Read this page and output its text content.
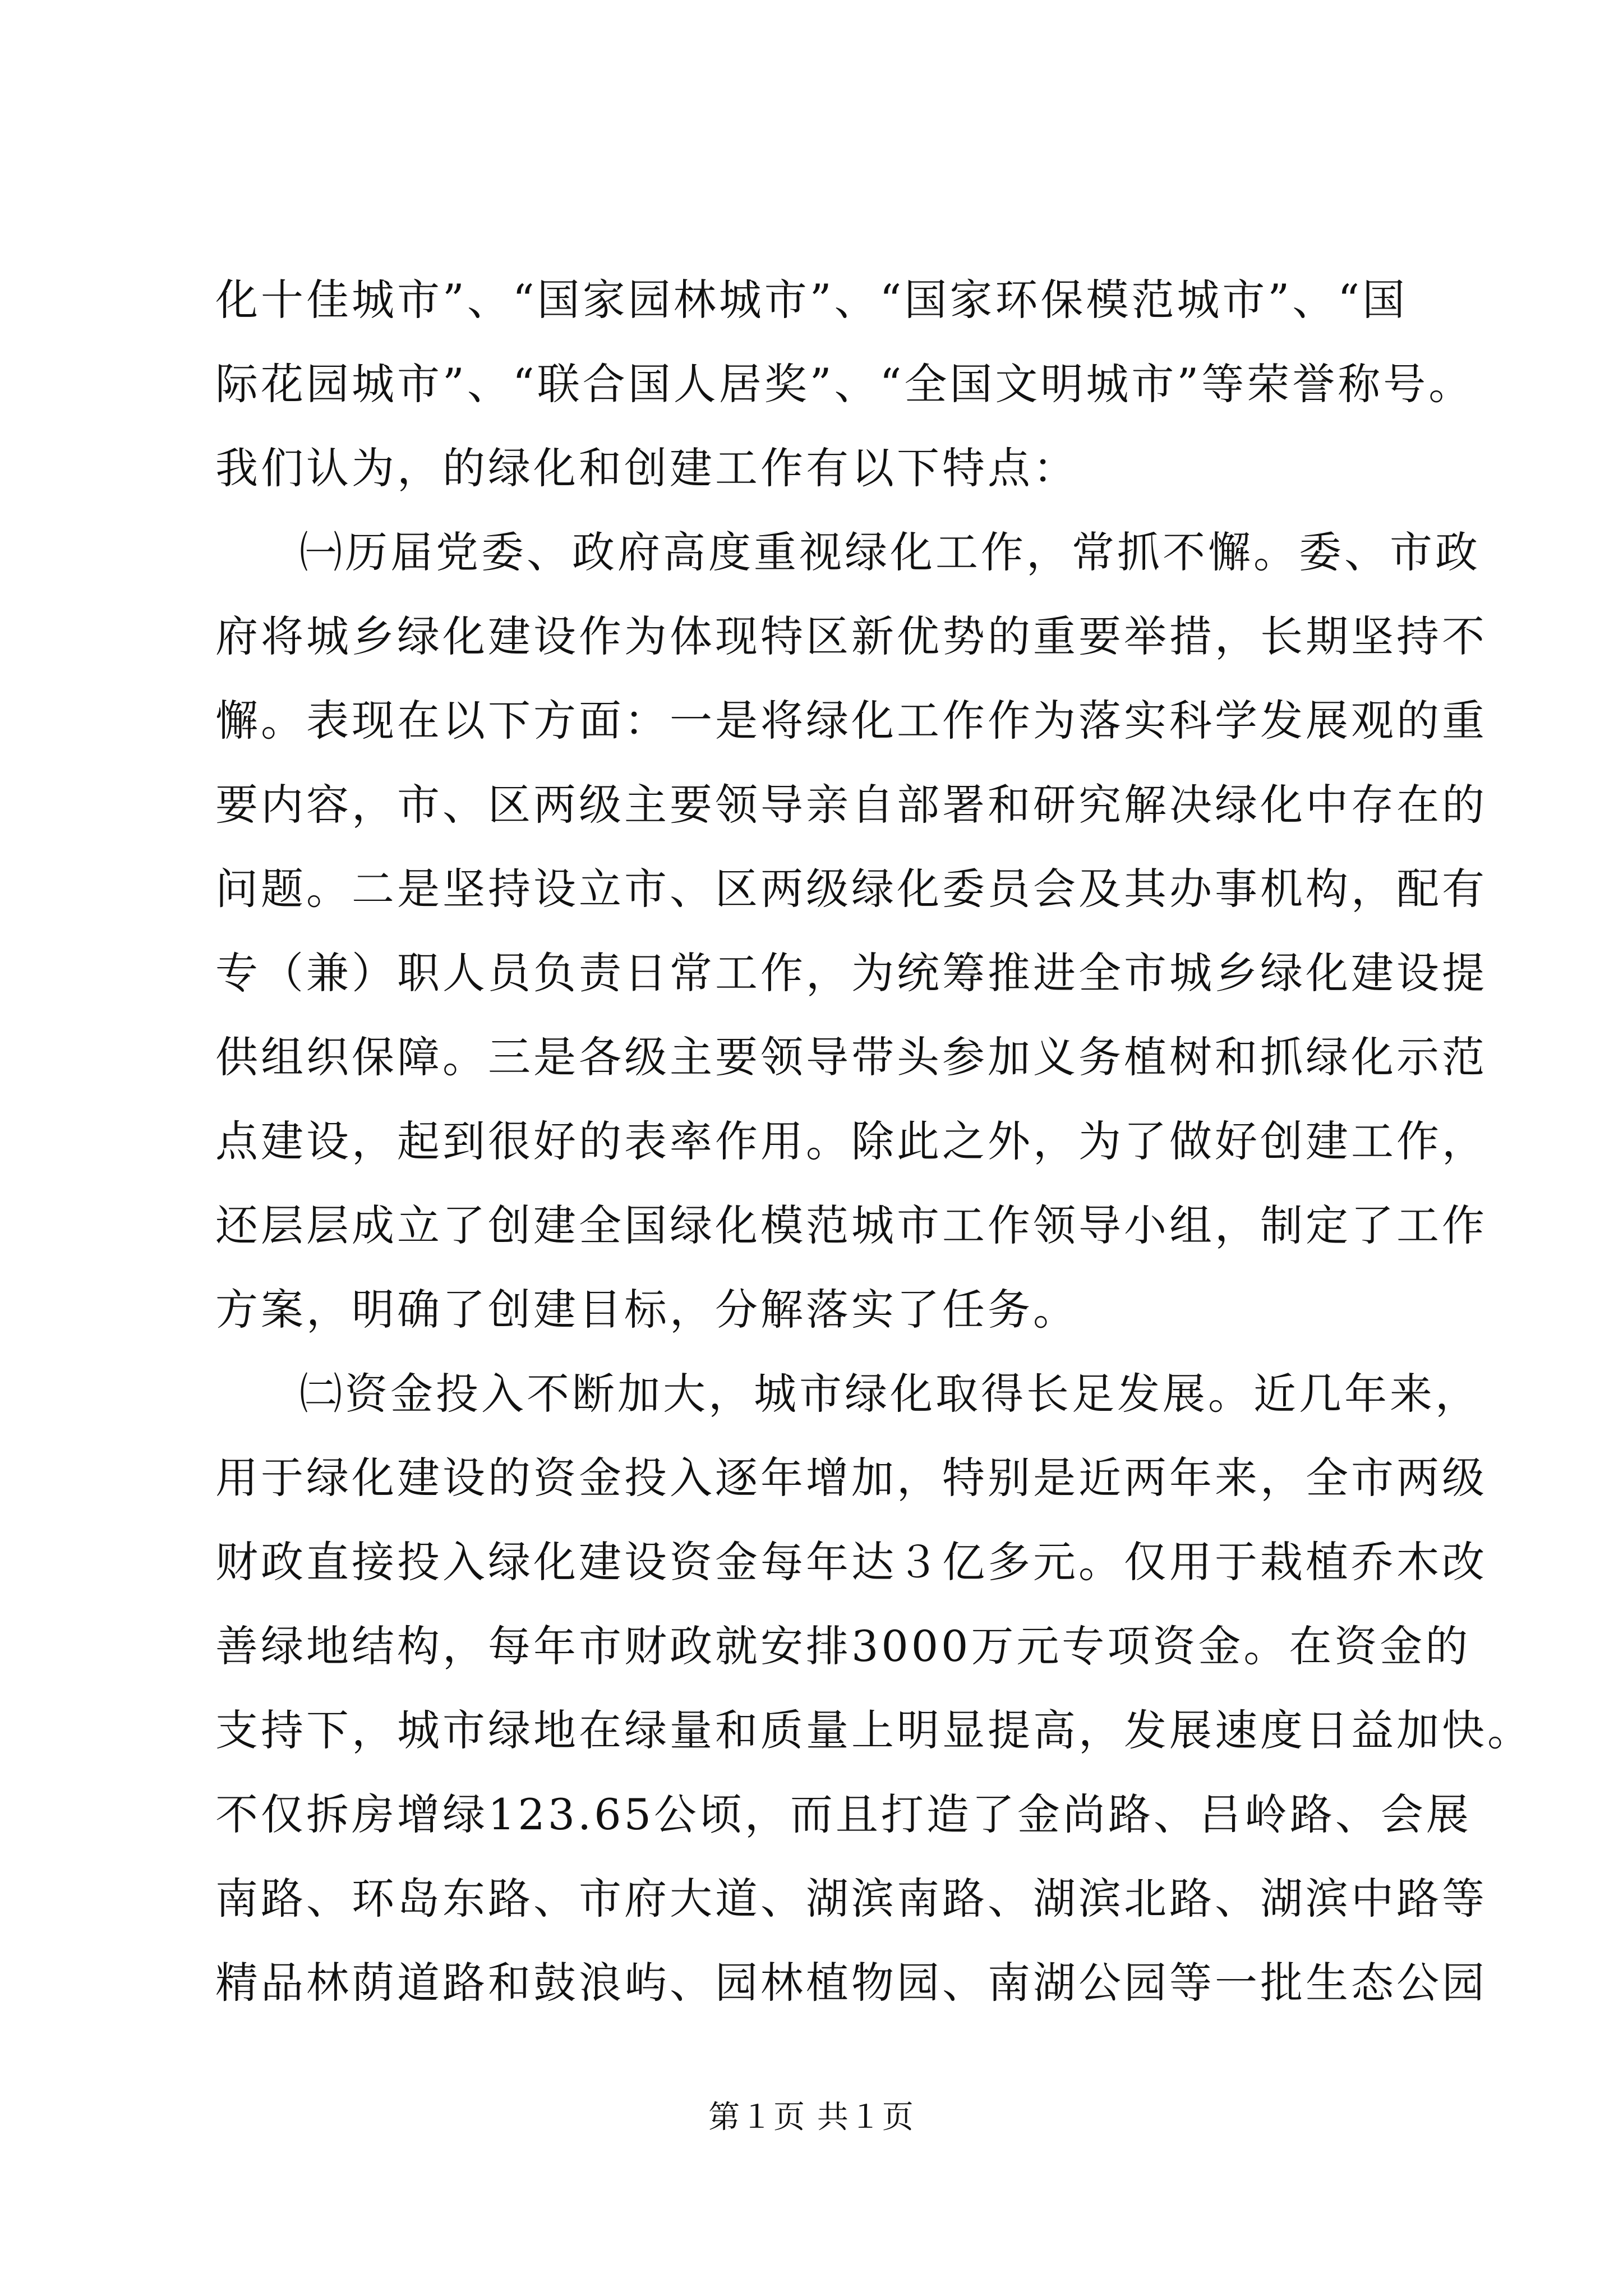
化十佳城市”、“国家园林城市”、“国家环保模范城市”、“国
际花园城市”、“联合国人居奖”、“全国文明城市”等荣誉称号。
我们认为，的绿化和创建工作有以下特点：
㈠历届党委、政府高度重视绿化工作，常抓不懈。委、市政
府将城乡绿化建设作为体现特区新优势的重要举措，长期坚持不
懈。表现在以下方面：一是将绿化工作作为落实科学发展观的重
要内容，市、区两级主要领导亲自部署和研究解决绿化中存在的
问题。二是坚持设立市、区两级绿化委员会及其办事机构，配有
专（兼）职人员负责日常工作，为统筹推进全市城乡绿化建设提
供组织保障。三是各级主要领导带头参加义务植树和抓绿化示范
点建设，起到很好的表率作用。除此之外，为了做好创建工作，
还层层成立了创建全国绿化模范城市工作领导小组，制定了工作
方案，明确了创建目标，分解落实了任务。
㈡资金投入不断加大，城市绿化取得长足发展。近几年来，
用于绿化建设的资金投入逐年增加，特别是近两年来，全市两级
财政直接投入绿化建设资金每年达３亿多元。仅用于栽植乔木改
善绿地结构，每年市财政就安排3000万元专项资金。在资金的
支持下，城市绿地在绿量和质量上明显提高，发展速度日益加快。
不仅拆房增绿123.65公顷，而且打造了金尚路、吕岭路、会展
南路、环岛东路、市府大道、湖滨南路、湖滨北路、湖滨中路等
精品林荫道路和鼓浪屿、园林植物园、南湖公园等一批生态公园
第１页 共１页
